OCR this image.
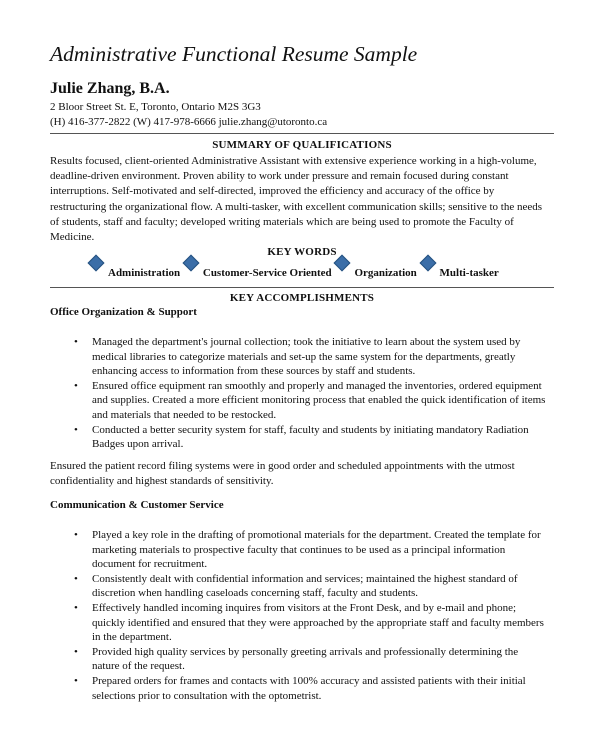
Administrative Functional Resume Sample
Julie Zhang, B.A.
2 Bloor Street St. E, Toronto, Ontario M2S 3G3
(H) 416-377-2822 (W) 417-978-6666 julie.zhang@utoronto.ca
SUMMARY OF QUALIFICATIONS
Results focused, client-oriented Administrative Assistant with extensive experience working in a high-volume, deadline-driven environment. Proven ability to work under pressure and remain focused during constant interruptions. Self-motivated and self-directed, improved the efficiency and accuracy of the office by restructuring the organizational flow. A multi-tasker, with excellent communication skills; sensitive to the needs of students, staff and faculty; developed writing materials which are being used to promote the Faculty of Medicine.
KEY WORDS
Administration Customer-Service Oriented Organization Multi-tasker
KEY ACCOMPLISHMENTS
Office Organization & Support
• Managed the department's journal collection; took the initiative to learn about the system used by medical libraries to categorize materials and set-up the same system for the departments, greatly enhancing access to information from these sources by staff and students.
• Ensured office equipment ran smoothly and properly and managed the inventories, ordered equipment and supplies. Created a more efficient monitoring process that enabled the quick identification of items and materials that needed to be restocked.
• Conducted a better security system for staff, faculty and students by initiating mandatory Radiation Badges upon arrival.
Ensured the patient record filing systems were in good order and scheduled appointments with the utmost confidentiality and highest standards of sensitivity.
Communication & Customer Service
• Played a key role in the drafting of promotional materials for the department. Created the template for marketing materials to prospective faculty that continues to be used as a principal information document for recruitment.
• Consistently dealt with confidential information and services; maintained the highest standard of discretion when handling caseloads concerning staff, faculty and students.
• Effectively handled incoming inquires from visitors at the Front Desk, and by e-mail and phone; quickly identified and ensured that they were approached by the appropriate staff and faculty members in the department.
• Provided high quality services by personally greeting arrivals and professionally determining the nature of the request.
• Prepared orders for frames and contacts with 100% accuracy and assisted patients with their initial selections prior to consultation with the optometrist.
